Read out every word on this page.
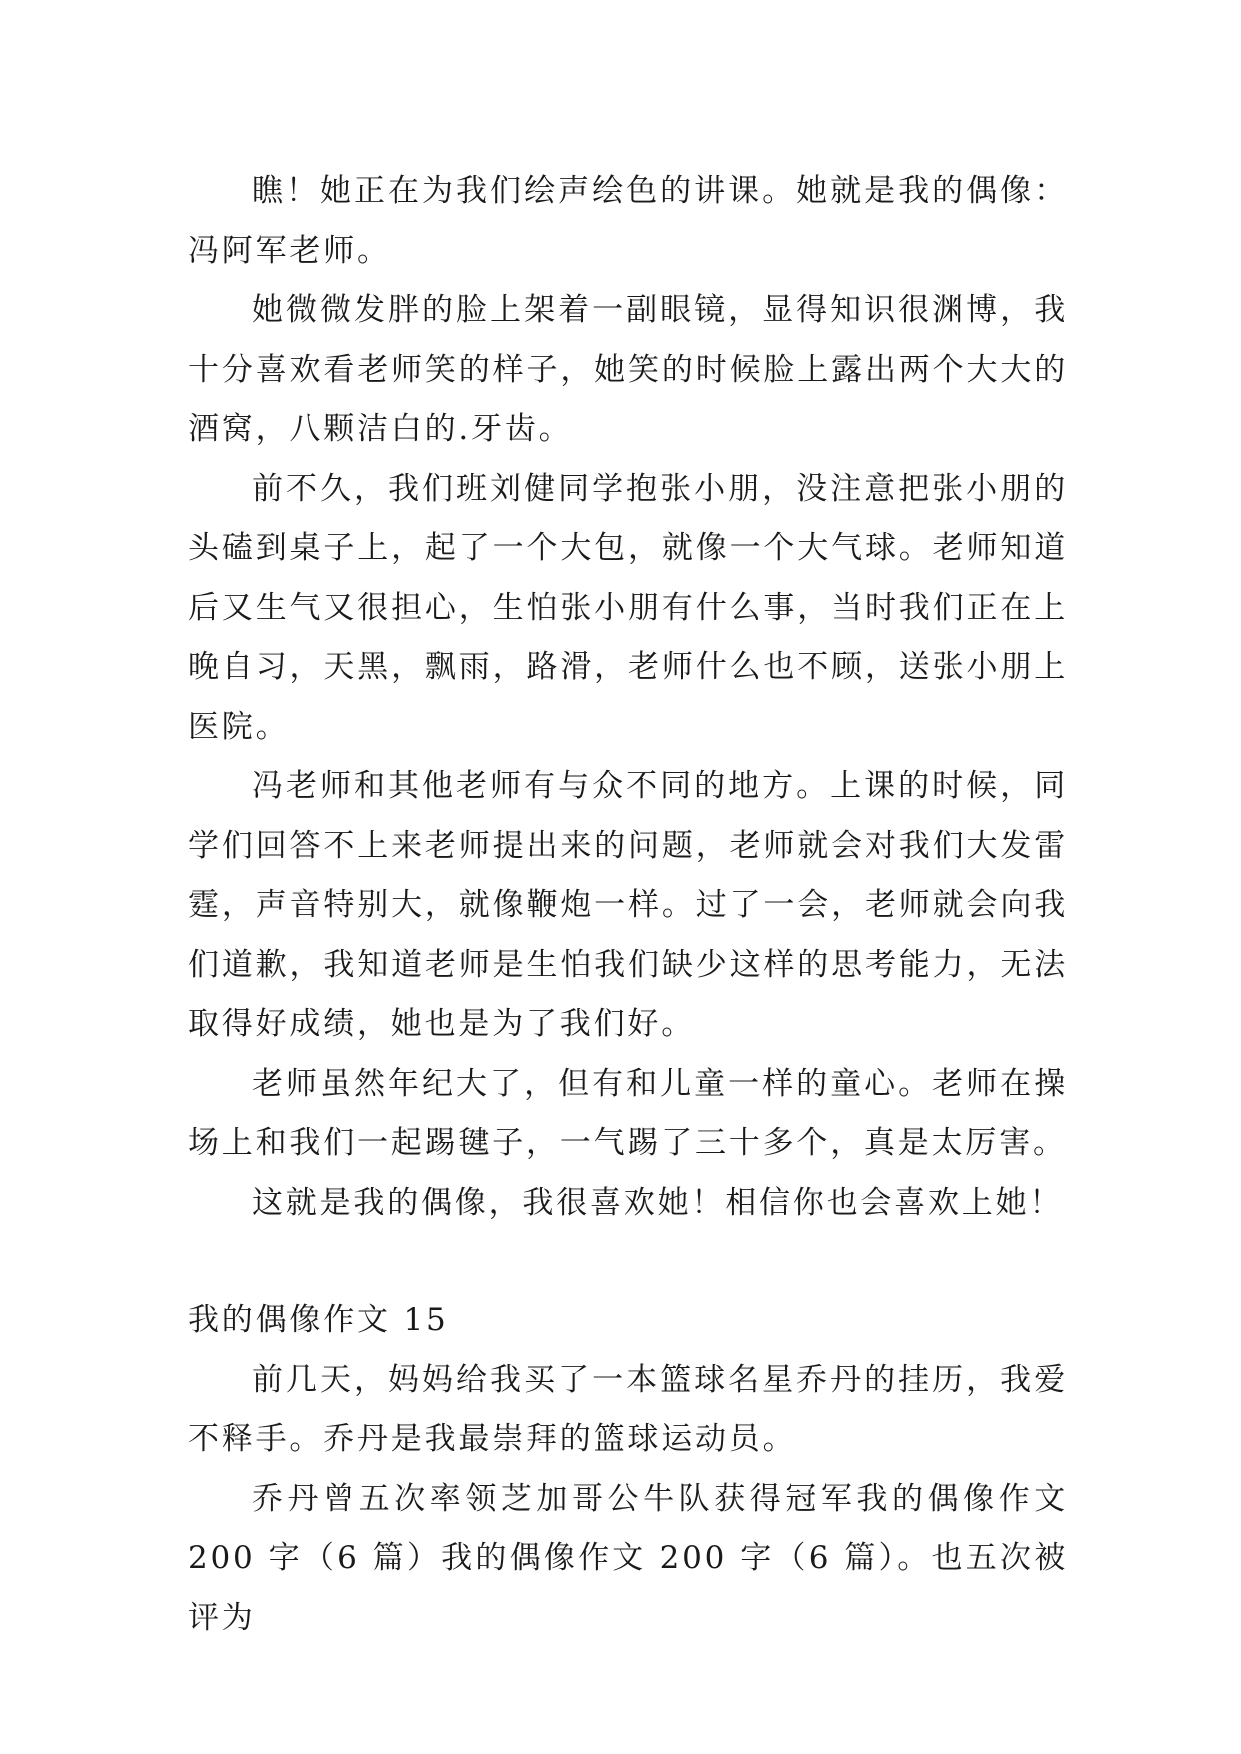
瞧！她正在为我们绘声绘色的讲课。她就是我的偶像：冯阿军老师。

她微微发胖的脸上架着一副眼镜，显得知识很渊博，我十分喜欢看老师笑的样子，她笑的时候脸上露出两个大大的酒窝，八颗洁白的.牙齿。

前不久，我们班刘健同学抱张小朋，没注意把张小朋的头磕到桌子上，起了一个大包，就像一个大气球。老师知道后又生气又很担心，生怕张小朋有什么事，当时我们正在上晚自习，天黑，飘雨，路滑，老师什么也不顾，送张小朋上医院。

冯老师和其他老师有与众不同的地方。上课的时候，同学们回答不上来老师提出来的问题，老师就会对我们大发雷霆，声音特别大，就像鞭炮一样。过了一会，老师就会向我们道歉，我知道老师是生怕我们缺少这样的思考能力，无法取得好成绩，她也是为了我们好。

老师虽然年纪大了，但有和儿童一样的童心。老师在操场上和我们一起踢毽子，一气踢了三十多个，真是太厉害。

这就是我的偶像，我很喜欢她！相信你也会喜欢上她！

我的偶像作文 15

前几天，妈妈给我买了一本篮球名星乔丹的挂历，我爱不释手。乔丹是我最崇拜的篮球运动员。

乔丹曾五次率领芝加哥公牛队获得冠军我的偶像作文 200 字（6 篇）我的偶像作文 200 字（6 篇）。也五次被评为
